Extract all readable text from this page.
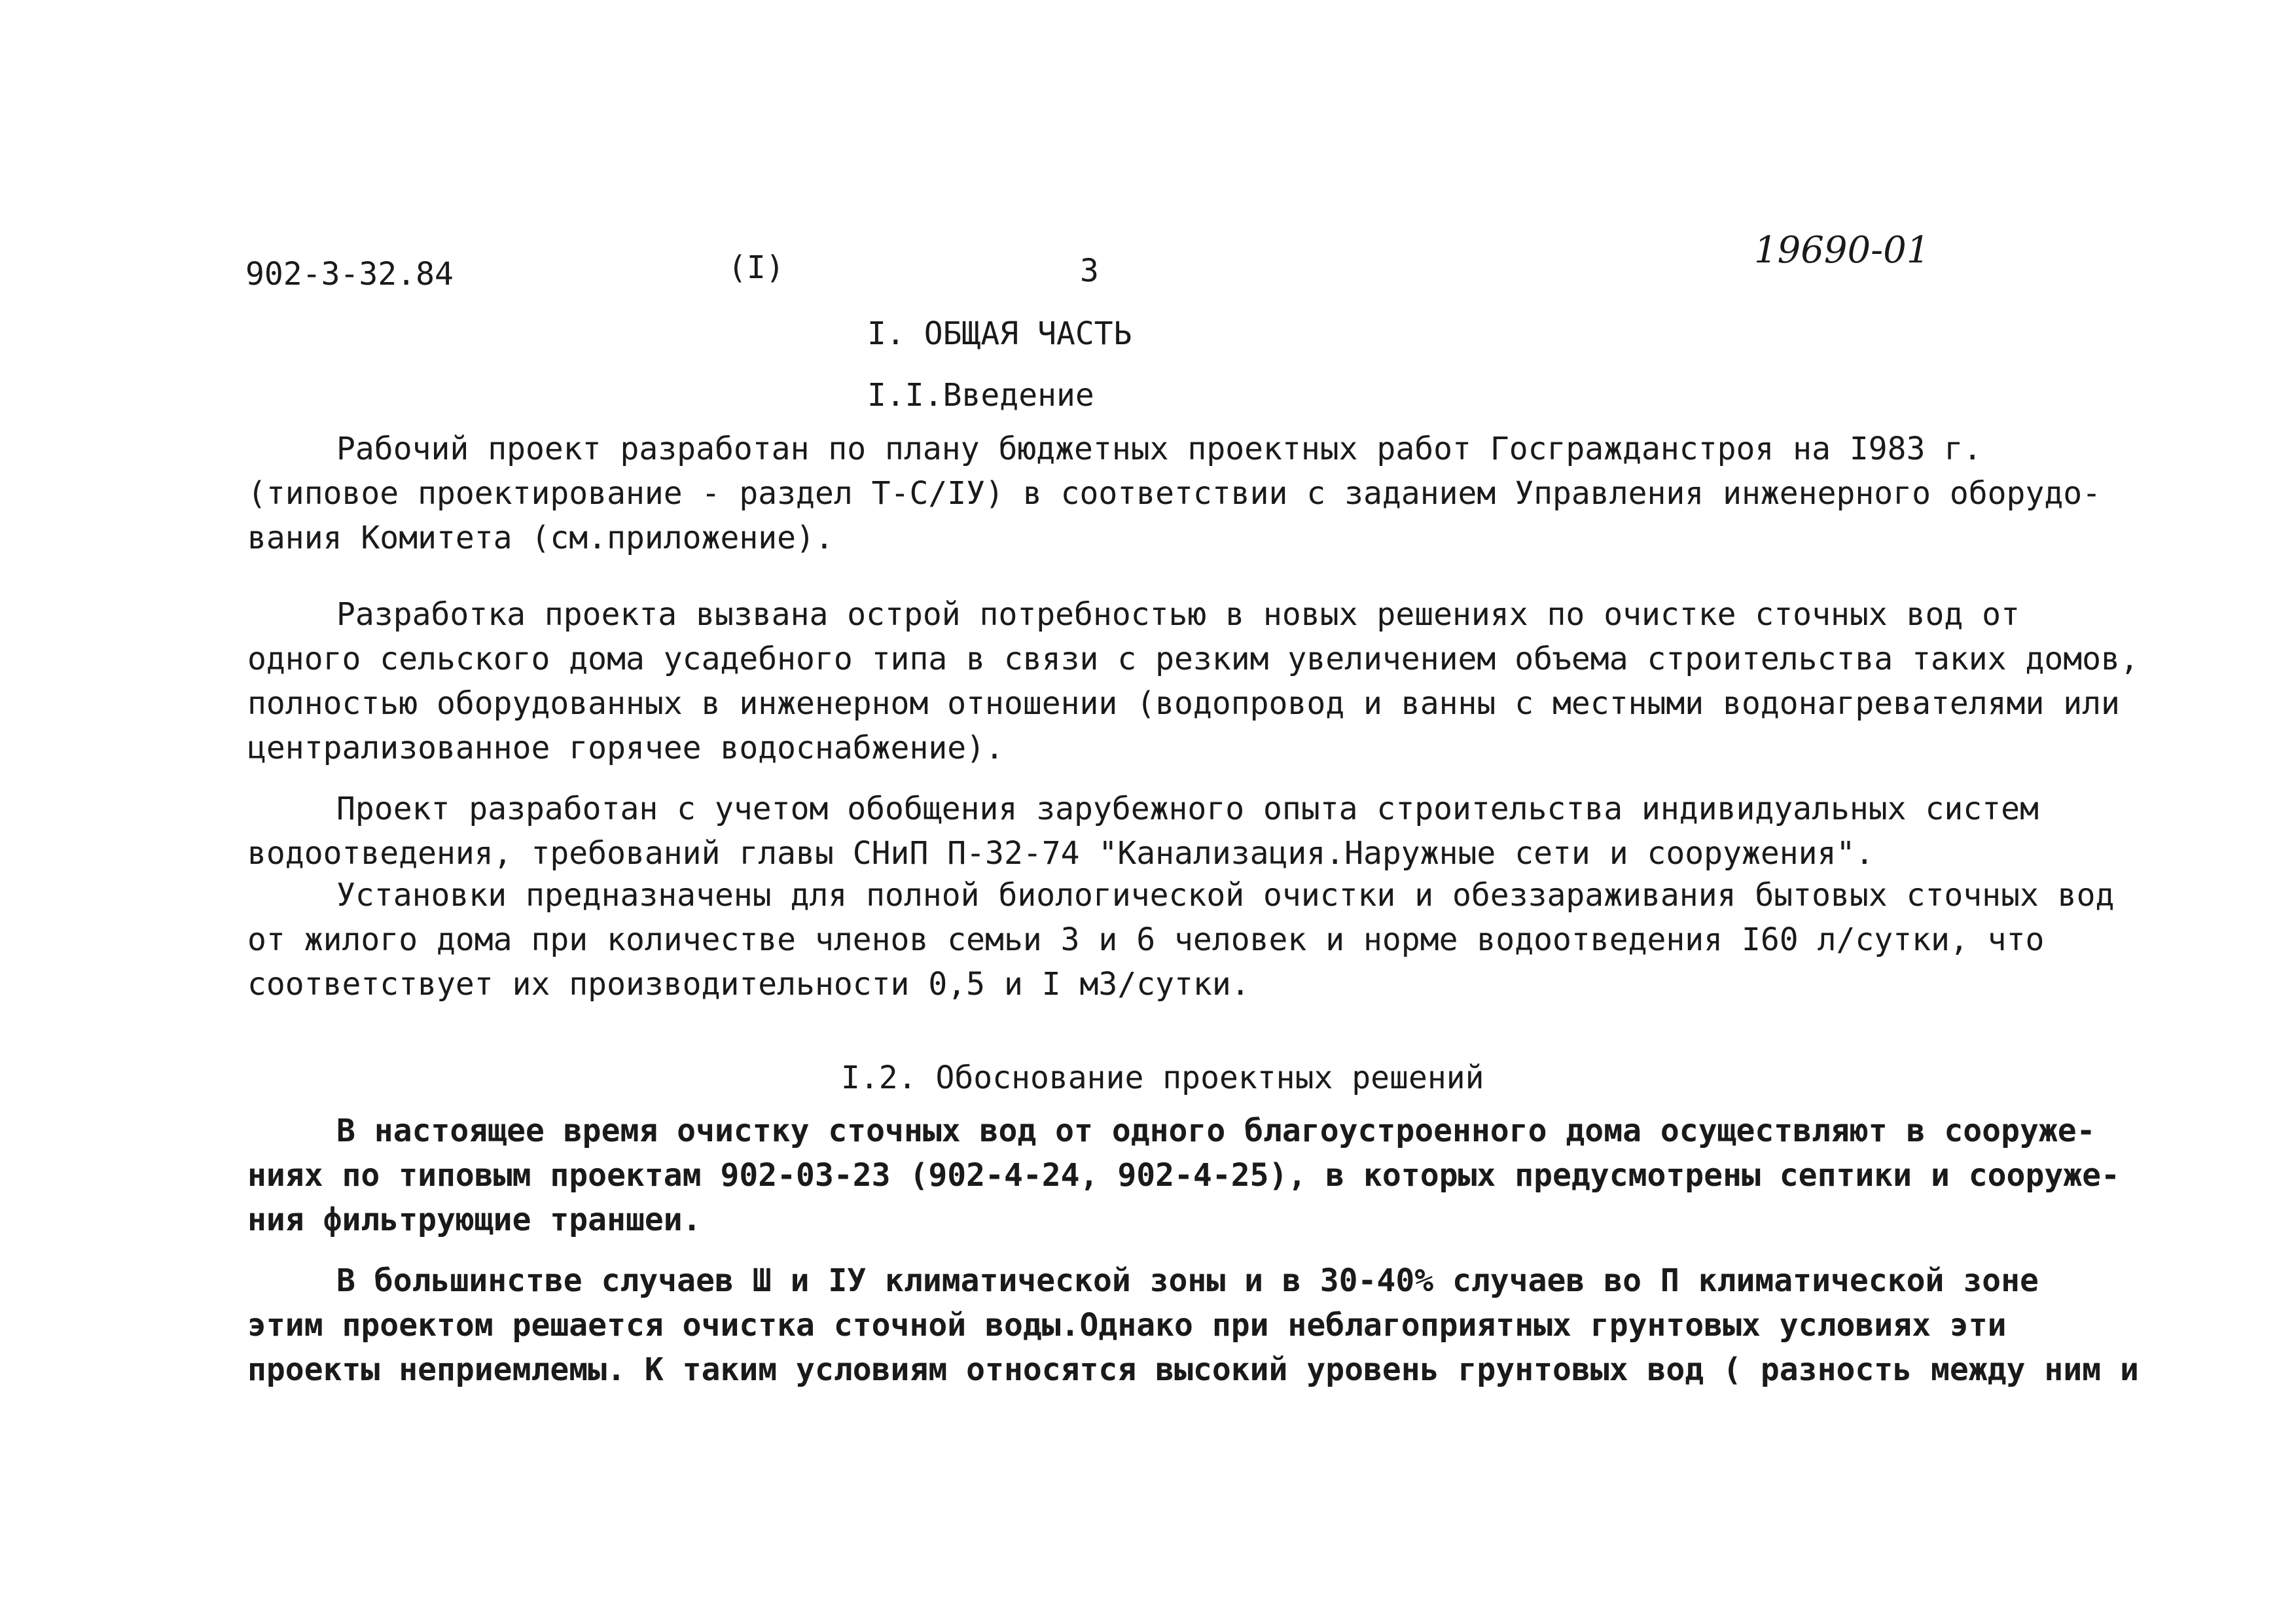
902-3-32.84	(I)	3	19690-01
I. ОБЩАЯ ЧАСТЬ
I.I.Введение

Рабочий проект разработан по плану бюджетных проектных работ Госгражданстроя на I983 г.
(типовое проектирование - раздел Т-С/IУ) в соответствии с заданием Управления инженерного оборудо-
вания Комитета (см.приложение).

Разработка проекта вызвана острой потребностью в новых решениях по очистке сточных вод от
одного сельского дома усадебного типа в связи с резким увеличением объема строительства таких домов,
полностью оборудованных в инженерном отношении (водопровод и ванны с местными водонагревателями или
централизованное горячее водоснабжение).

Проект разработан с учетом обобщения зарубежного опыта строительства индивидуальных систем
водоотведения, требований главы СНиП П-32-74 "Канализация.Наружные сети и сооружения".

Установки предназначены для полной биологической очистки и обеззараживания бытовых сточных вод
от жилого дома при количестве членов семьи 3 и 6 человек и норме водоотведения I60 л/сутки, что
соответствует их производительности 0,5 и I м3/сутки.

I.2. Обоснование проектных решений

В настоящее время очистку сточных вод от одного благоустроенного дома осуществляют в сооруже-
ниях по типовым проектам 902-03-23 (902-4-24, 902-4-25), в которых предусмотрены септики и сооруже-
ния фильтрующие траншеи.

В большинстве случаев Ш и IУ климатической зоны и в 30-40% случаев во П климатической зоне
этим проектом решается очистка сточной воды.Однако при неблагоприятных грунтовых условиях эти
проекты неприемлемы. К таким условиям относятся высокий уровень грунтовых вод ( разность между ним и
